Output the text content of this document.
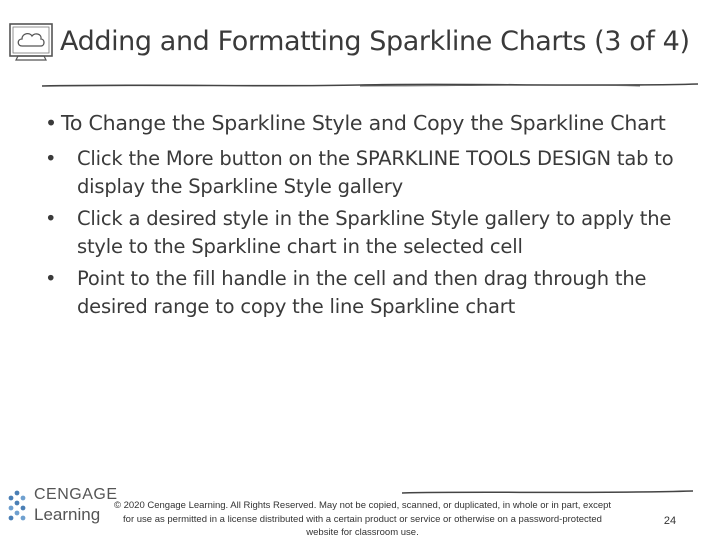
Adding and Formatting Sparkline Charts (3 of 4)
• To Change the Sparkline Style and Copy the Sparkline Chart
• Click the More button on the SPARKLINE TOOLS DESIGN tab to display the Sparkline Style gallery
• Click a desired style in the Sparkline Style gallery to apply the style to the Sparkline chart in the selected cell
• Point to the fill handle in the cell and then drag through the desired range to copy the line Sparkline chart
CENGAGE
Learning	© 2020 Cengage Learning. All Rights Reserved. May not be copied, scanned, or duplicated, in whole or in part, except for use as permitted in a license distributed with a certain product or service or otherwise on a password-protected website for classroom use.
24
